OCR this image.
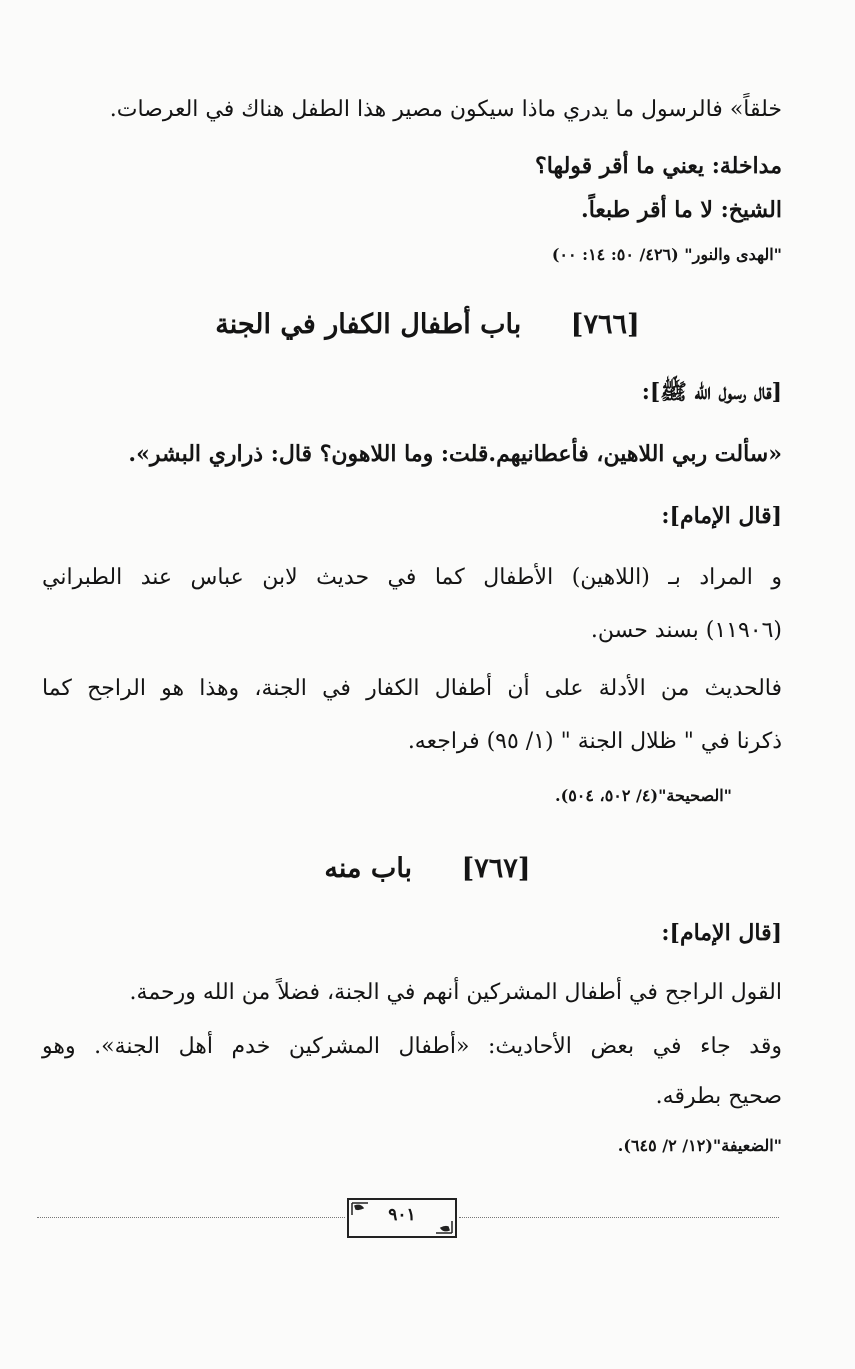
خلقاً» فالرسول ما يدري ماذا سيكون مصير هذا الطفل هناك في العرصات.
مداخلة: يعني ما أقر قولها؟
الشيخ: لا ما أقر طبعاً.
"الهدى والنور" (٤٢٦/ ٥٠: ١٤: ٠٠)
[٧٦٦] باب أطفال الكفار في الجنة
[قال رسول الله ﷺ]:
«سألت ربي اللاهين، فأعطانيهم.قلت: وما اللاهون؟ قال: ذراري البشر».
[قال الإمام]:
و المراد بـ (اللاهين) الأطفال كما في حديث لابن عباس عند الطبراني
(١١٩٠٦) بسند حسن.
فالحديث من الأدلة على أن أطفال الكفار في الجنة، وهذا هو الراجح كما
ذكرنا في " ظلال الجنة " (١/ ٩٥) فراجعه.
"الصحيحة"(٤/ ٥٠٢، ٥٠٤).
[٧٦٧] باب منه
[قال الإمام]:
القول الراجح في أطفال المشركين أنهم في الجنة، فضلاً من الله ورحمة.
وقد جاء في بعض الأحاديث: «أطفال المشركين خدم أهل الجنة». وهو
صحيح بطرقه.
"الضعيفة"(١٢/ ٢/ ٦٤٥).
٩٠١
